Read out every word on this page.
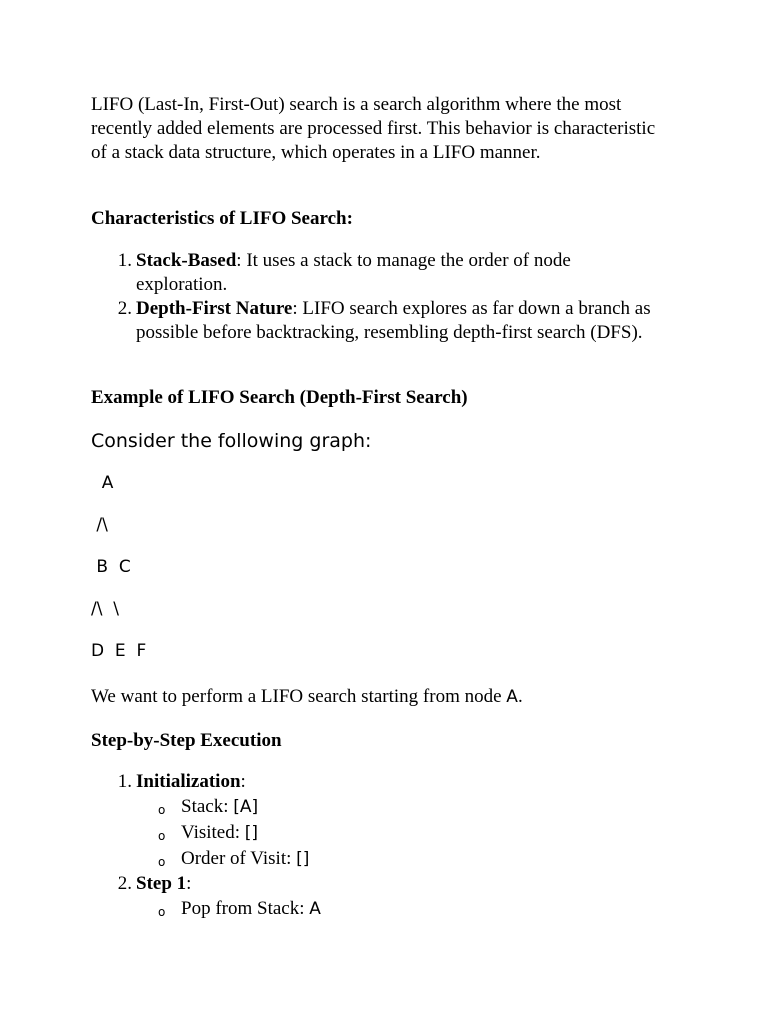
LIFO (Last-In, First-Out) search is a search algorithm where the most recently added elements are processed first. This behavior is characteristic of a stack data structure, which operates in a LIFO manner.

Characteristics of LIFO Search:

1. Stack-Based: It uses a stack to manage the order of node exploration.
2. Depth-First Nature: LIFO search explores as far down a branch as possible before backtracking, resembling depth-first search (DFS).

Example of LIFO Search (Depth-First Search)

Consider the following graph:

A
/\
B  C
/\  \
D  E  F

We want to perform a LIFO search starting from node A.

Step-by-Step Execution

1. Initialization:
o Stack: [A]
o Visited: []
o Order of Visit: []
2. Step 1:
o Pop from Stack: A
